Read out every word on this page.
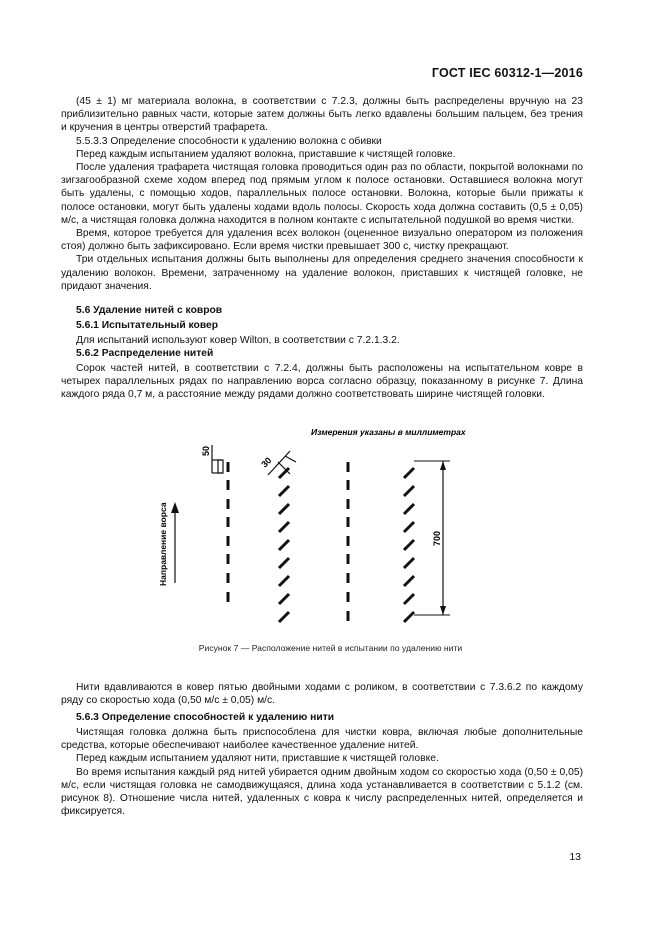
ГОСТ IEC 60312-1—2016

(45 ± 1) мг материала волокна, в соответствии с 7.2.3, должны быть распределены вручную на 23 приблизительно равных части, которые затем должны быть легко вдавлены большим пальцем, без трения и кручения в центры отверстий трафарета.

5.5.3.3 Определение способности к удалению волокна с обивки

Перед каждым испытанием удаляют волокна, приставшие к чистящей головке.

После удаления трафарета чистящая головка проводиться один раз по области, покрытой волокнами по зигзагообразной схеме ходом вперед под прямым углом к полосе остановки. Оставшиеся волокна могут быть удалены, с помощью ходов, параллельных полосе остановки. Волокна, которые были прижаты к полосе остановки, могут быть удалены ходами вдоль полосы. Скорость хода должна составить (0,5 ± 0,05) м/с, а чистящая головка должна находится в полном контакте с испытательной подушкой во время чистки.

Время, которое требуется для удаления всех волокон (оцененное визуально оператором из положения стоя) должно быть зафиксировано. Если время чистки превышает 300 с, чистку прекращают.

Три отдельных испытания должны быть выполнены для определения среднего значения способности к удалению волокон. Времени, затраченному на удаление волокон, приставших к чистящей головке, не придают значения.

5.6 Удаление нитей с ковров
5.6.1 Испытательный ковер

Для испытаний используют ковер Wilton, в соответствии с 7.2.1.3.2.

5.6.2 Распределение нитей

Сорок частей нитей, в соответствии с 7.2.4, должны быть расположены на испытательном ковре в четырех параллельных рядах по направлению ворса согласно образцу, показанному в рисунке 7. Длина каждого ряда 0,7 м, а расстояние между рядами должно соответствовать ширине чистящей головки.

Измерения указаны в миллиметрах
50
30
Направление ворса	700
Рисунок 7 — Расположение нитей в испытании по удалению нити

Нити вдавливаются в ковер пятью двойными ходами с роликом, в соответствии с 7.3.6.2 по каждому ряду со скоростью хода (0,50 м/с ± 0,05) м/с.

5.6.3 Определение способностей к удалению нити

Чистящая головка должна быть приспособлена для чистки ковра, включая любые дополнительные средства, которые обеспечивают наиболее качественное удаление нитей.

Перед каждым испытанием удаляют нити, приставшие к чистящей головке.

Во время испытания каждый ряд нитей убирается одним двойным ходом со скоростью хода (0,50 ± 0,05) м/с, если чистящая головка не самодвижущаяся, длина хода устанавливается в соответствии с 5.1.2 (см. рисунок 8). Отношение числа нитей, удаленных с ковра к числу распределенных нитей, определяется и фиксируется.

13
